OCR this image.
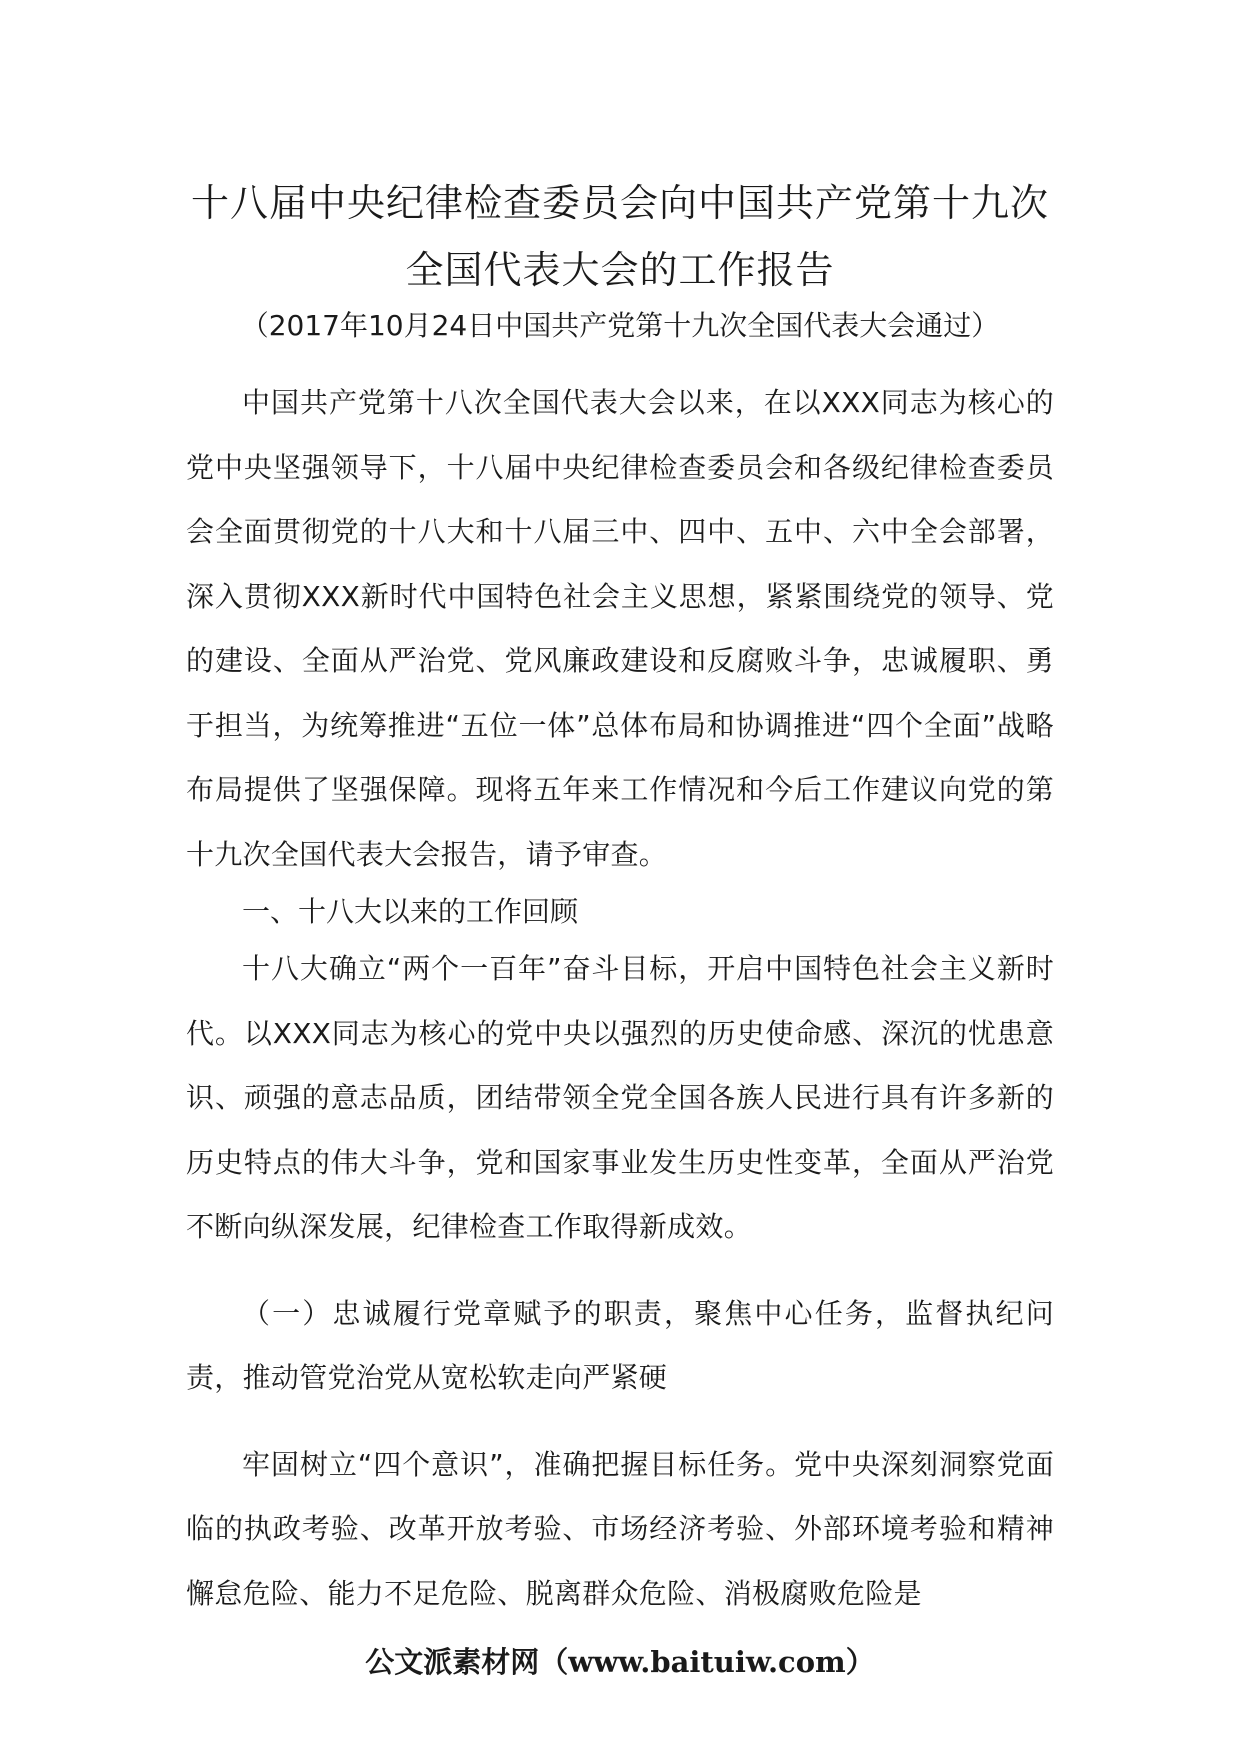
十八届中央纪律检查委员会向中国共产党第十九次全国代表大会的工作报告

（2017年10月24日中国共产党第十九次全国代表大会通过）

中国共产党第十八次全国代表大会以来，在以XXX同志为核心的党中央坚强领导下，十八届中央纪律检查委员会和各级纪律检查委员会全面贯彻党的十八大和十八届三中、四中、五中、六中全会部署，深入贯彻XXX新时代中国特色社会主义思想，紧紧围绕党的领导、党的建设、全面从严治党、党风廉政建设和反腐败斗争，忠诚履职、勇于担当，为统筹推进“五位一体”总体布局和协调推进“四个全面”战略布局提供了坚强保障。现将五年来工作情况和今后工作建议向党的第十九次全国代表大会报告，请予审查。

一、十八大以来的工作回顾

十八大确立“两个一百年”奋斗目标，开启中国特色社会主义新时代。以XXX同志为核心的党中央以强烈的历史使命感、深沉的忧患意识、顽强的意志品质，团结带领全党全国各族人民进行具有许多新的历史特点的伟大斗争，党和国家事业发生历史性变革，全面从严治党不断向纵深发展，纪律检查工作取得新成效。

（一）忠诚履行党章赋予的职责，聚焦中心任务，监督执纪问责，推动管党治党从宽松软走向严紧硬

牢固树立“四个意识”，准确把握目标任务。党中央深刻洞察党面临的执政考验、改革开放考验、市场经济考验、外部环境考验和精神懈怠危险、能力不足危险、脱离群众危险、消极腐败危险是

公文派素材网（www.baituiw.com）
